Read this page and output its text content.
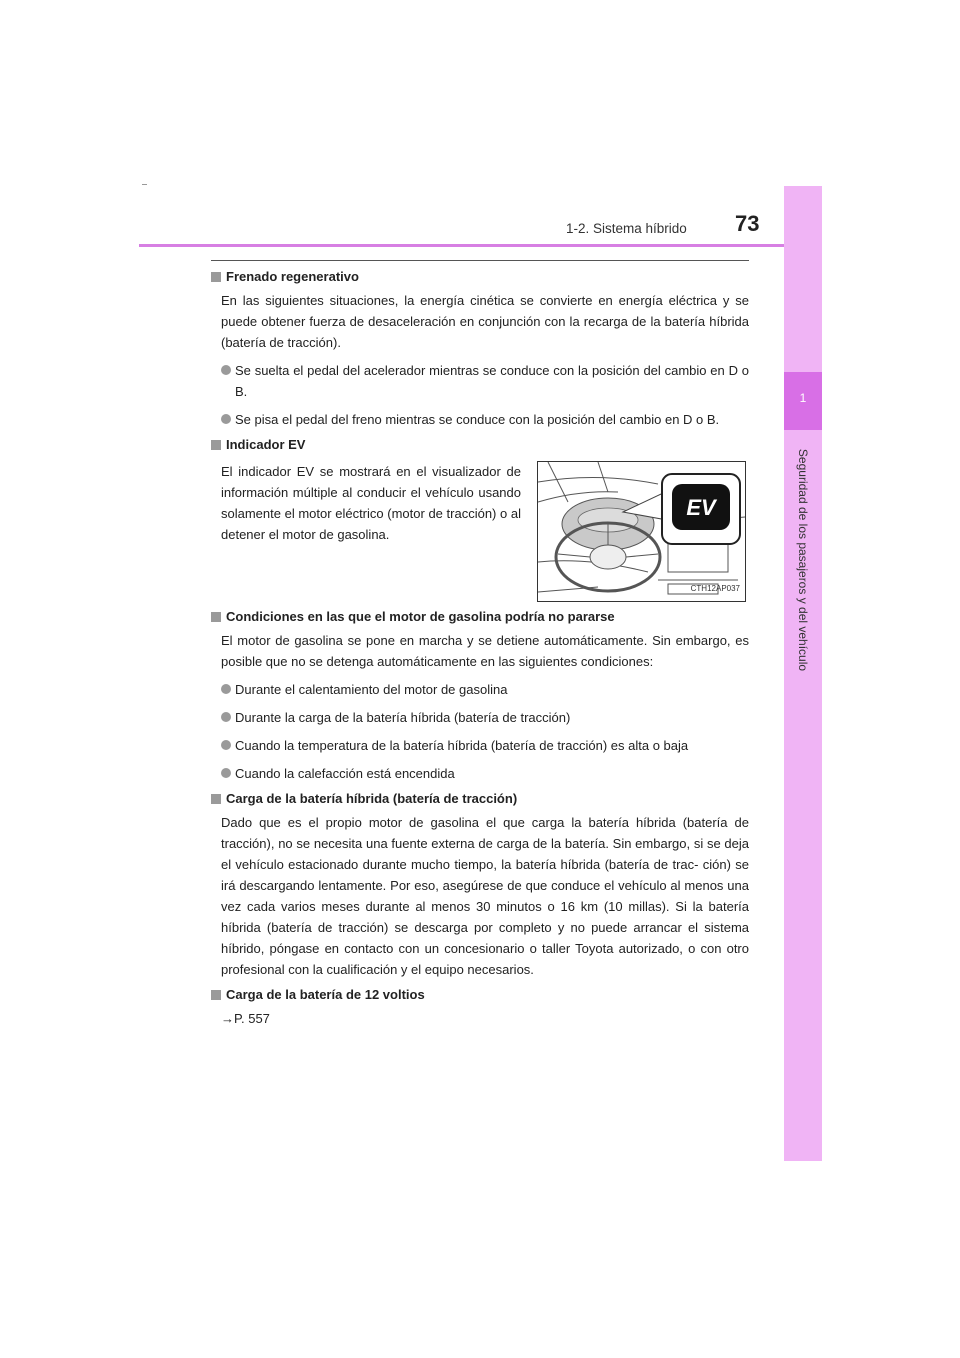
1-2. Sistema híbrido 73
1
Seguridad de los pasajeros y del vehículo

Frenado regenerativo

En las siguientes situaciones, la energía cinética se convierte en energía eléctrica y se puede obtener fuerza de desaceleración en conjunción con la recarga de la batería híbrida (batería de tracción).

Se suelta el pedal del acelerador mientras se conduce con la posición del cambio en D o B.

Se pisa el pedal del freno mientras se conduce con la posición del cambio en D o B.

Indicador EV

El indicador EV se mostrará en el visualizador de información múltiple al conducir el vehículo usando solamente el motor eléctrico (motor de tracción) o al detener el motor de gasolina.
EV
CTH12AP037

Condiciones en las que el motor de gasolina podría no pararse

El motor de gasolina se pone en marcha y se detiene automáticamente. Sin embargo, es posible que no se detenga automáticamente en las siguientes condiciones:

Durante el calentamiento del motor de gasolina

Durante la carga de la batería híbrida (batería de tracción)

Cuando la temperatura de la batería híbrida (batería de tracción) es alta o baja

Cuando la calefacción está encendida

Carga de la batería híbrida (batería de tracción)

Dado que es el propio motor de gasolina el que carga la batería híbrida (batería de tracción), no se necesita una fuente externa de carga de la batería. Sin embargo, si se deja el vehículo estacionado durante mucho tiempo, la batería híbrida (batería de trac- ción) se irá descargando lentamente. Por eso, asegúrese de que conduce el vehículo al menos una vez cada varios meses durante al menos 30 minutos o 16 km (10 millas). Si la batería híbrida (batería de tracción) se descarga por completo y no puede arrancar el sistema híbrido, póngase en contacto con un concesionario o taller Toyota autorizado, o con otro profesional con la cualificación y el equipo necesarios.

Carga de la batería de 12 voltios

→P. 557
